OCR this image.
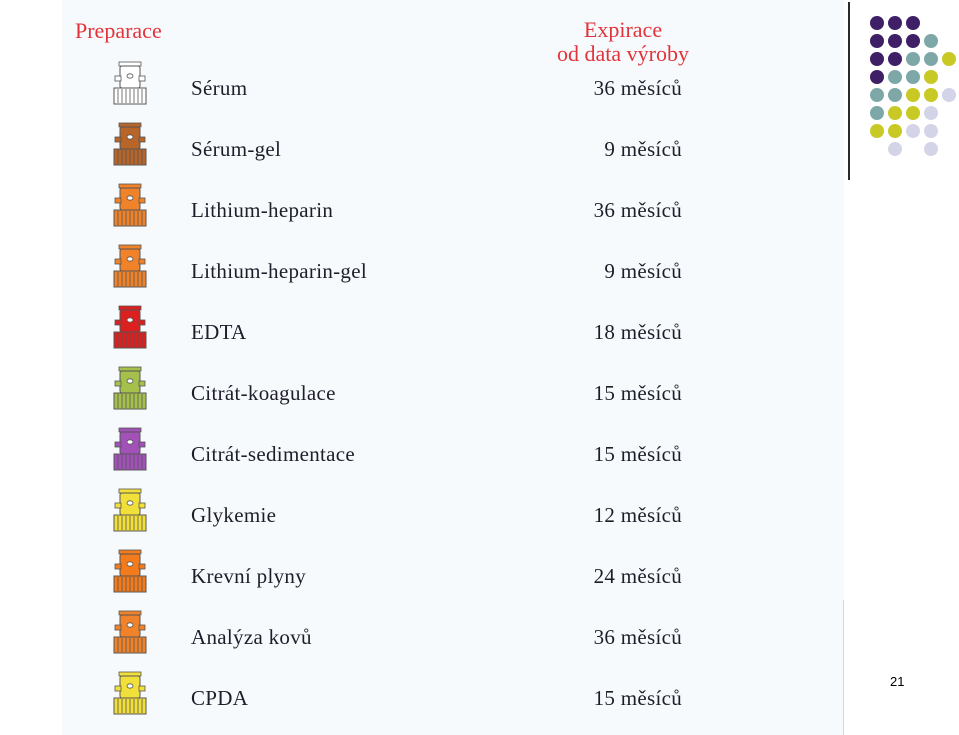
Preparace	Expirace
od data výroby
Sérum	36 měsíců
Sérum-gel	9 měsíců
Lithium-heparin	36 měsíců
Lithium-heparin-gel	9 měsíců
EDTA	18 měsíců
Citrát-koagulace	15 měsíců
Citrát-sedimentace	15 měsíců
Glykemie	12 měsíců
Krevní plyny	24 měsíců
Analýza kovů	36 měsíců
CPDA	15 měsíců
21
